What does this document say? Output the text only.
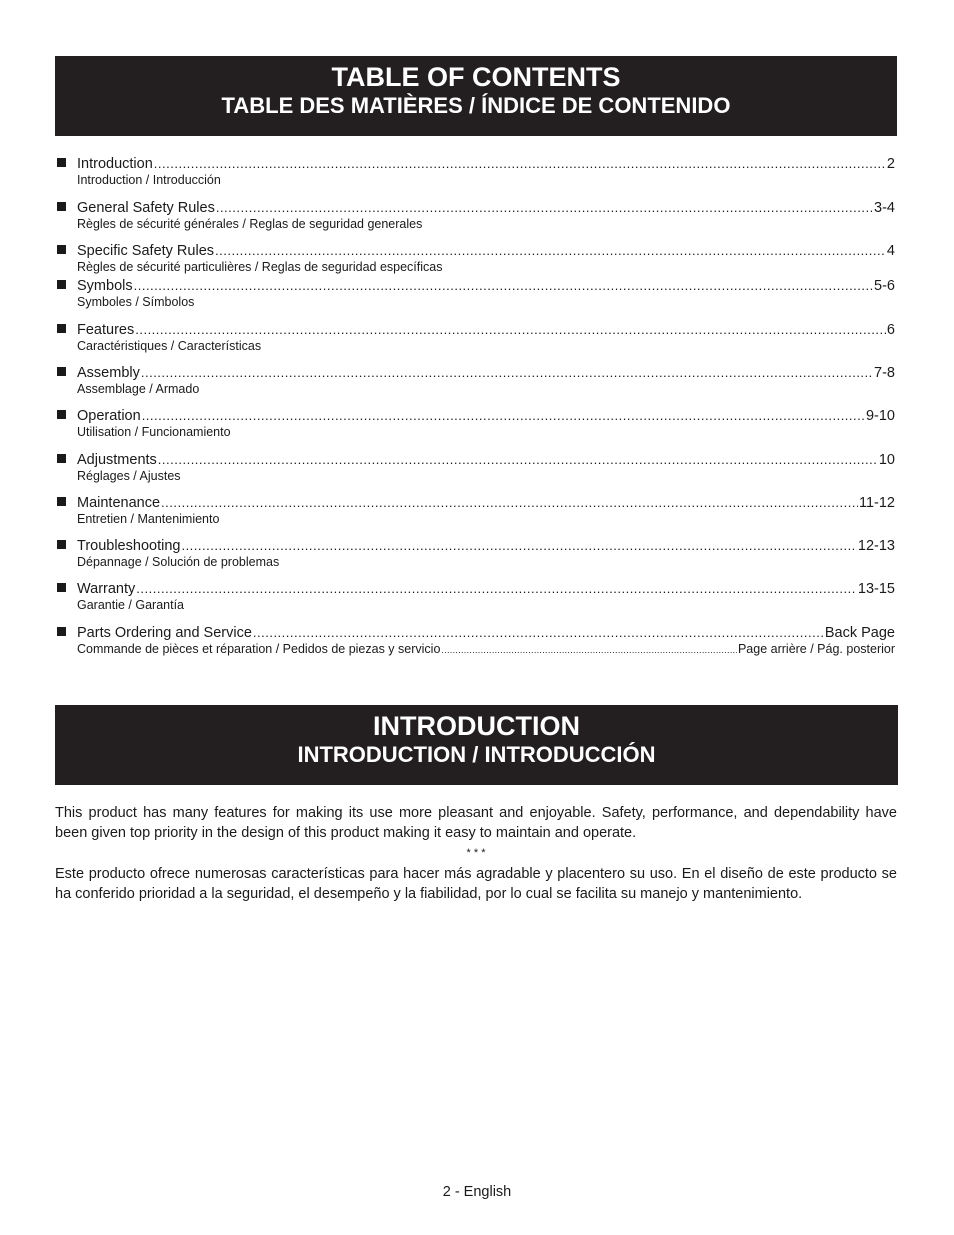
TABLE OF CONTENTS
TABLE DES MATIÈRES / ÍNDICE DE CONTENIDO
Introduction .....	2
Introduction / Introducción
General Safety Rules .....	3-4
Règles de sécurité générales / Reglas de seguridad generales
Specific Safety Rules .....	4
Règles de sécurité particulières / Reglas de seguridad específicas
Symbols .....	5-6
Symboles / Símbolos
Features .....	6
Caractéristiques / Características
Assembly .....	7-8
Assemblage / Armado
Operation .....	9-10
Utilisation / Funcionamiento
Adjustments .....	10
Réglages / Ajustes
Maintenance .....	11-12
Entretien / Mantenimiento
Troubleshooting .....	12-13
Dépannage / Solución de problemas
Warranty .....	13-15
Garantie / Garantía
Parts Ordering and Service .....	Back Page
Commande de pièces et réparation / Pedidos de piezas y servicio .....	Page arrière / Pág. posterior
INTRODUCTION
INTRODUCTION / INTRODUCCIÓN

This product has many features for making its use more pleasant and enjoyable. Safety, performance, and dependability have been given top priority in the design of this product making it easy to maintain and operate.

* * *

Este producto ofrece numerosas características para hacer más agradable y placentero su uso. En el diseño de este producto se ha conferido prioridad a la seguridad, el desempeño y la fiabilidad, por lo cual se facilita su manejo y mantenimiento.

2 - English
